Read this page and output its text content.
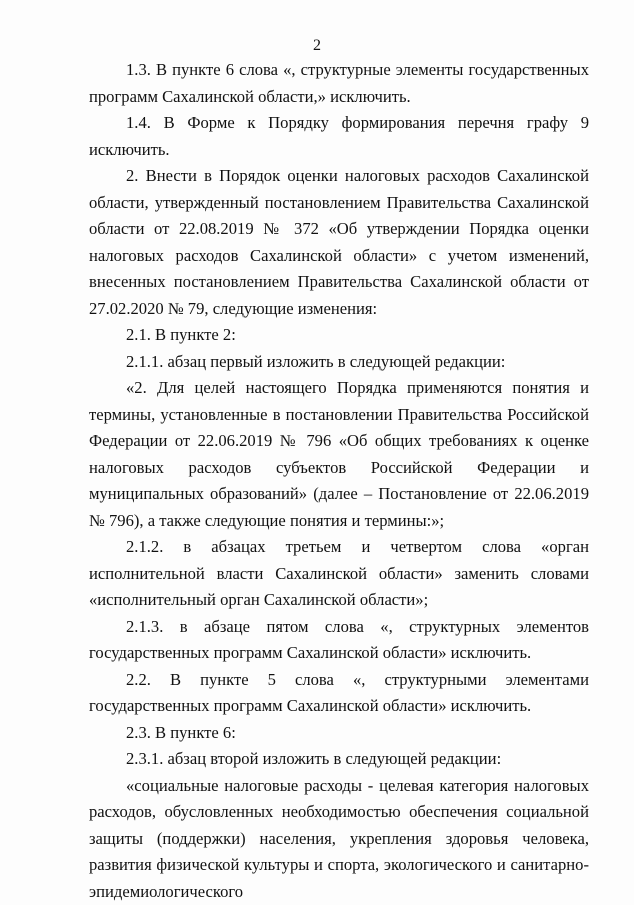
2

1.3. В пункте 6 слова «, структурные элементы государственных программ Сахалинской области,» исключить.

1.4. В Форме к Порядку формирования перечня графу 9 исключить.

2. Внести в Порядок оценки налоговых расходов Сахалинской области, утвержденный постановлением Правительства Сахалинской области от 22.08.2019 № 372 «Об утверждении Порядка оценки налоговых расходов Сахалинской области» с учетом изменений, внесенных постановлением Правительства Сахалинской области от 27.02.2020 № 79, следующие изменения:

2.1. В пункте 2:

2.1.1. абзац первый изложить в следующей редакции:

«2. Для целей настоящего Порядка применяются понятия и термины, установленные в постановлении Правительства Российской Федерации от 22.06.2019 № 796 «Об общих требованиях к оценке налоговых расходов субъектов Российской Федерации и муниципальных образований» (далее – Постановление от 22.06.2019 № 796), а также следующие понятия и термины:»;

2.1.2. в абзацах третьем и четвертом слова «орган исполнительной власти Сахалинской области» заменить словами «исполнительный орган Сахалинской области»;

2.1.3. в абзаце пятом слова «, структурных элементов государственных программ Сахалинской области» исключить.

2.2. В пункте 5 слова «, структурными элементами государственных программ Сахалинской области» исключить.

2.3. В пункте 6:

2.3.1. абзац второй изложить в следующей редакции:

«социальные налоговые расходы - целевая категория налоговых расходов, обусловленных необходимостью обеспечения социальной защиты (поддержки) населения, укрепления здоровья человека, развития физической культуры и спорта, экологического и санитарно-эпидемиологического
